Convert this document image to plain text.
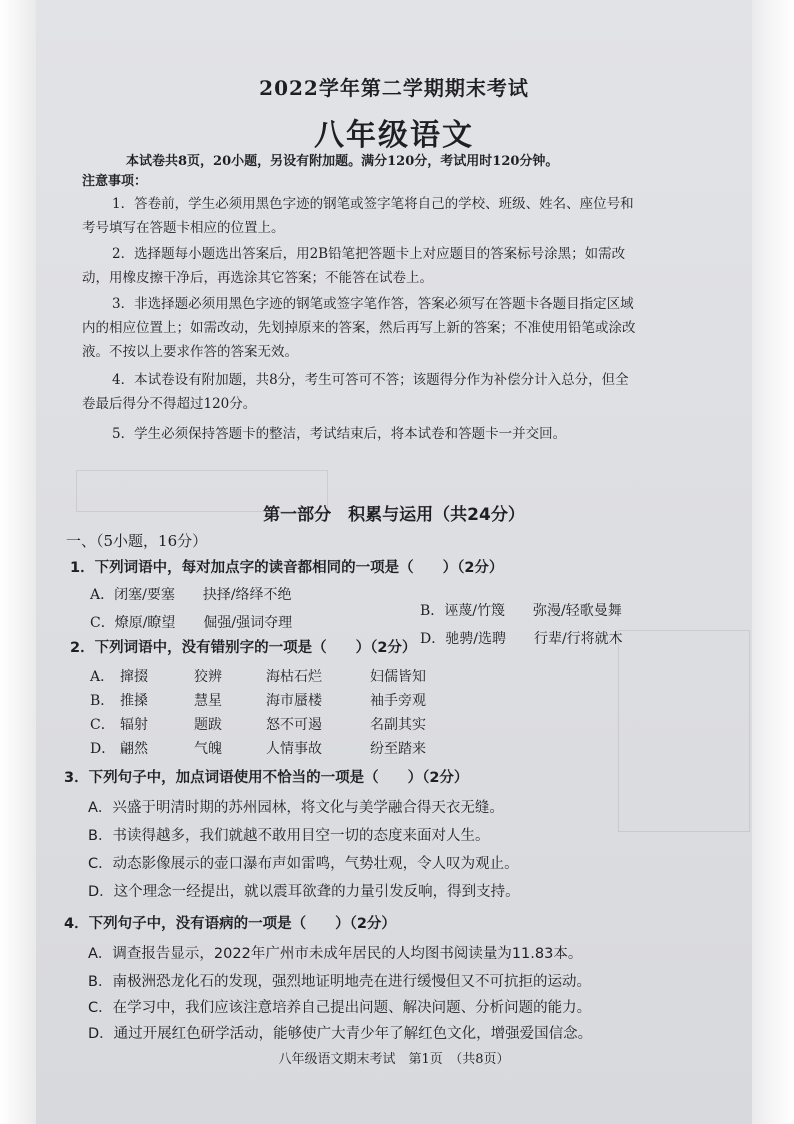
2022学年第二学期期末考试
八年级语文
本试卷共8页，20小题，另设有附加题。满分120分，考试用时120分钟。
注意事项：

1．答卷前，学生必须用黑色字迹的钢笔或签字笔将自己的学校、班级、姓名、座位号和

考号填写在答题卡相应的位置上。

2．选择题每小题选出答案后，用2B铅笔把答题卡上对应题目的答案标号涂黑；如需改

动，用橡皮擦干净后，再选涂其它答案；不能答在试卷上。

3．非选择题必须用黑色字迹的钢笔或签字笔作答，答案必须写在答题卡各题目指定区域

内的相应位置上；如需改动，先划掉原来的答案，然后再写上新的答案；不准使用铅笔或涂改

液。不按以上要求作答的答案无效。

4．本试卷设有附加题，共8分，考生可答可不答；该题得分作为补偿分计入总分，但全

卷最后得分不得超过120分。

5．学生必须保持答题卡的整洁，考试结束后，将本试卷和答题卡一并交回。

第一部分　积累与运用（共24分）
一、（5小题，16分）
1．下列词语中，每对加点字的读音都相同的一项是（　　）（2分）
A．闭塞/要塞　　抉择/络绎不绝
B．诬蔑/竹篾　　弥漫/轻歌曼舞
C．燎原/瞭望　　倔强/强词夺理
D．驰骋/选聘　　行辈/行将就木
2．下列词语中，没有错别字的一项是（　　）（2分）
A． 撺掇	狡辨	海枯石烂	妇儒皆知
B． 推搡	慧星	海市蜃楼	袖手旁观
C． 辐射	题跋	怒不可遏	名副其实
D． 翩然	气魄	人情事故	纷至踏来
3．下列句子中，加点词语使用不恰当的一项是（　　）（2分）
A．兴盛于明清时期的苏州园林，将文化与美学融合得天衣无缝。
B．书读得越多，我们就越不敢用目空一切的态度来面对人生。
C．动态影像展示的壶口瀑布声如雷鸣，气势壮观，令人叹为观止。
D．这个理念一经提出，就以震耳欲聋的力量引发反响，得到支持。
4．下列句子中，没有语病的一项是（　　）（2分）
A．调查报告显示，2022年广州市未成年居民的人均图书阅读量为11.83本。
B．南极洲恐龙化石的发现，强烈地证明地壳在进行缓慢但又不可抗拒的运动。
C．在学习中，我们应该注意培养自己提出问题、解决问题、分析问题的能力。
D．通过开展红色研学活动，能够使广大青少年了解红色文化，增强爱国信念。
八年级语文期末考试　第1页　（共8页）
